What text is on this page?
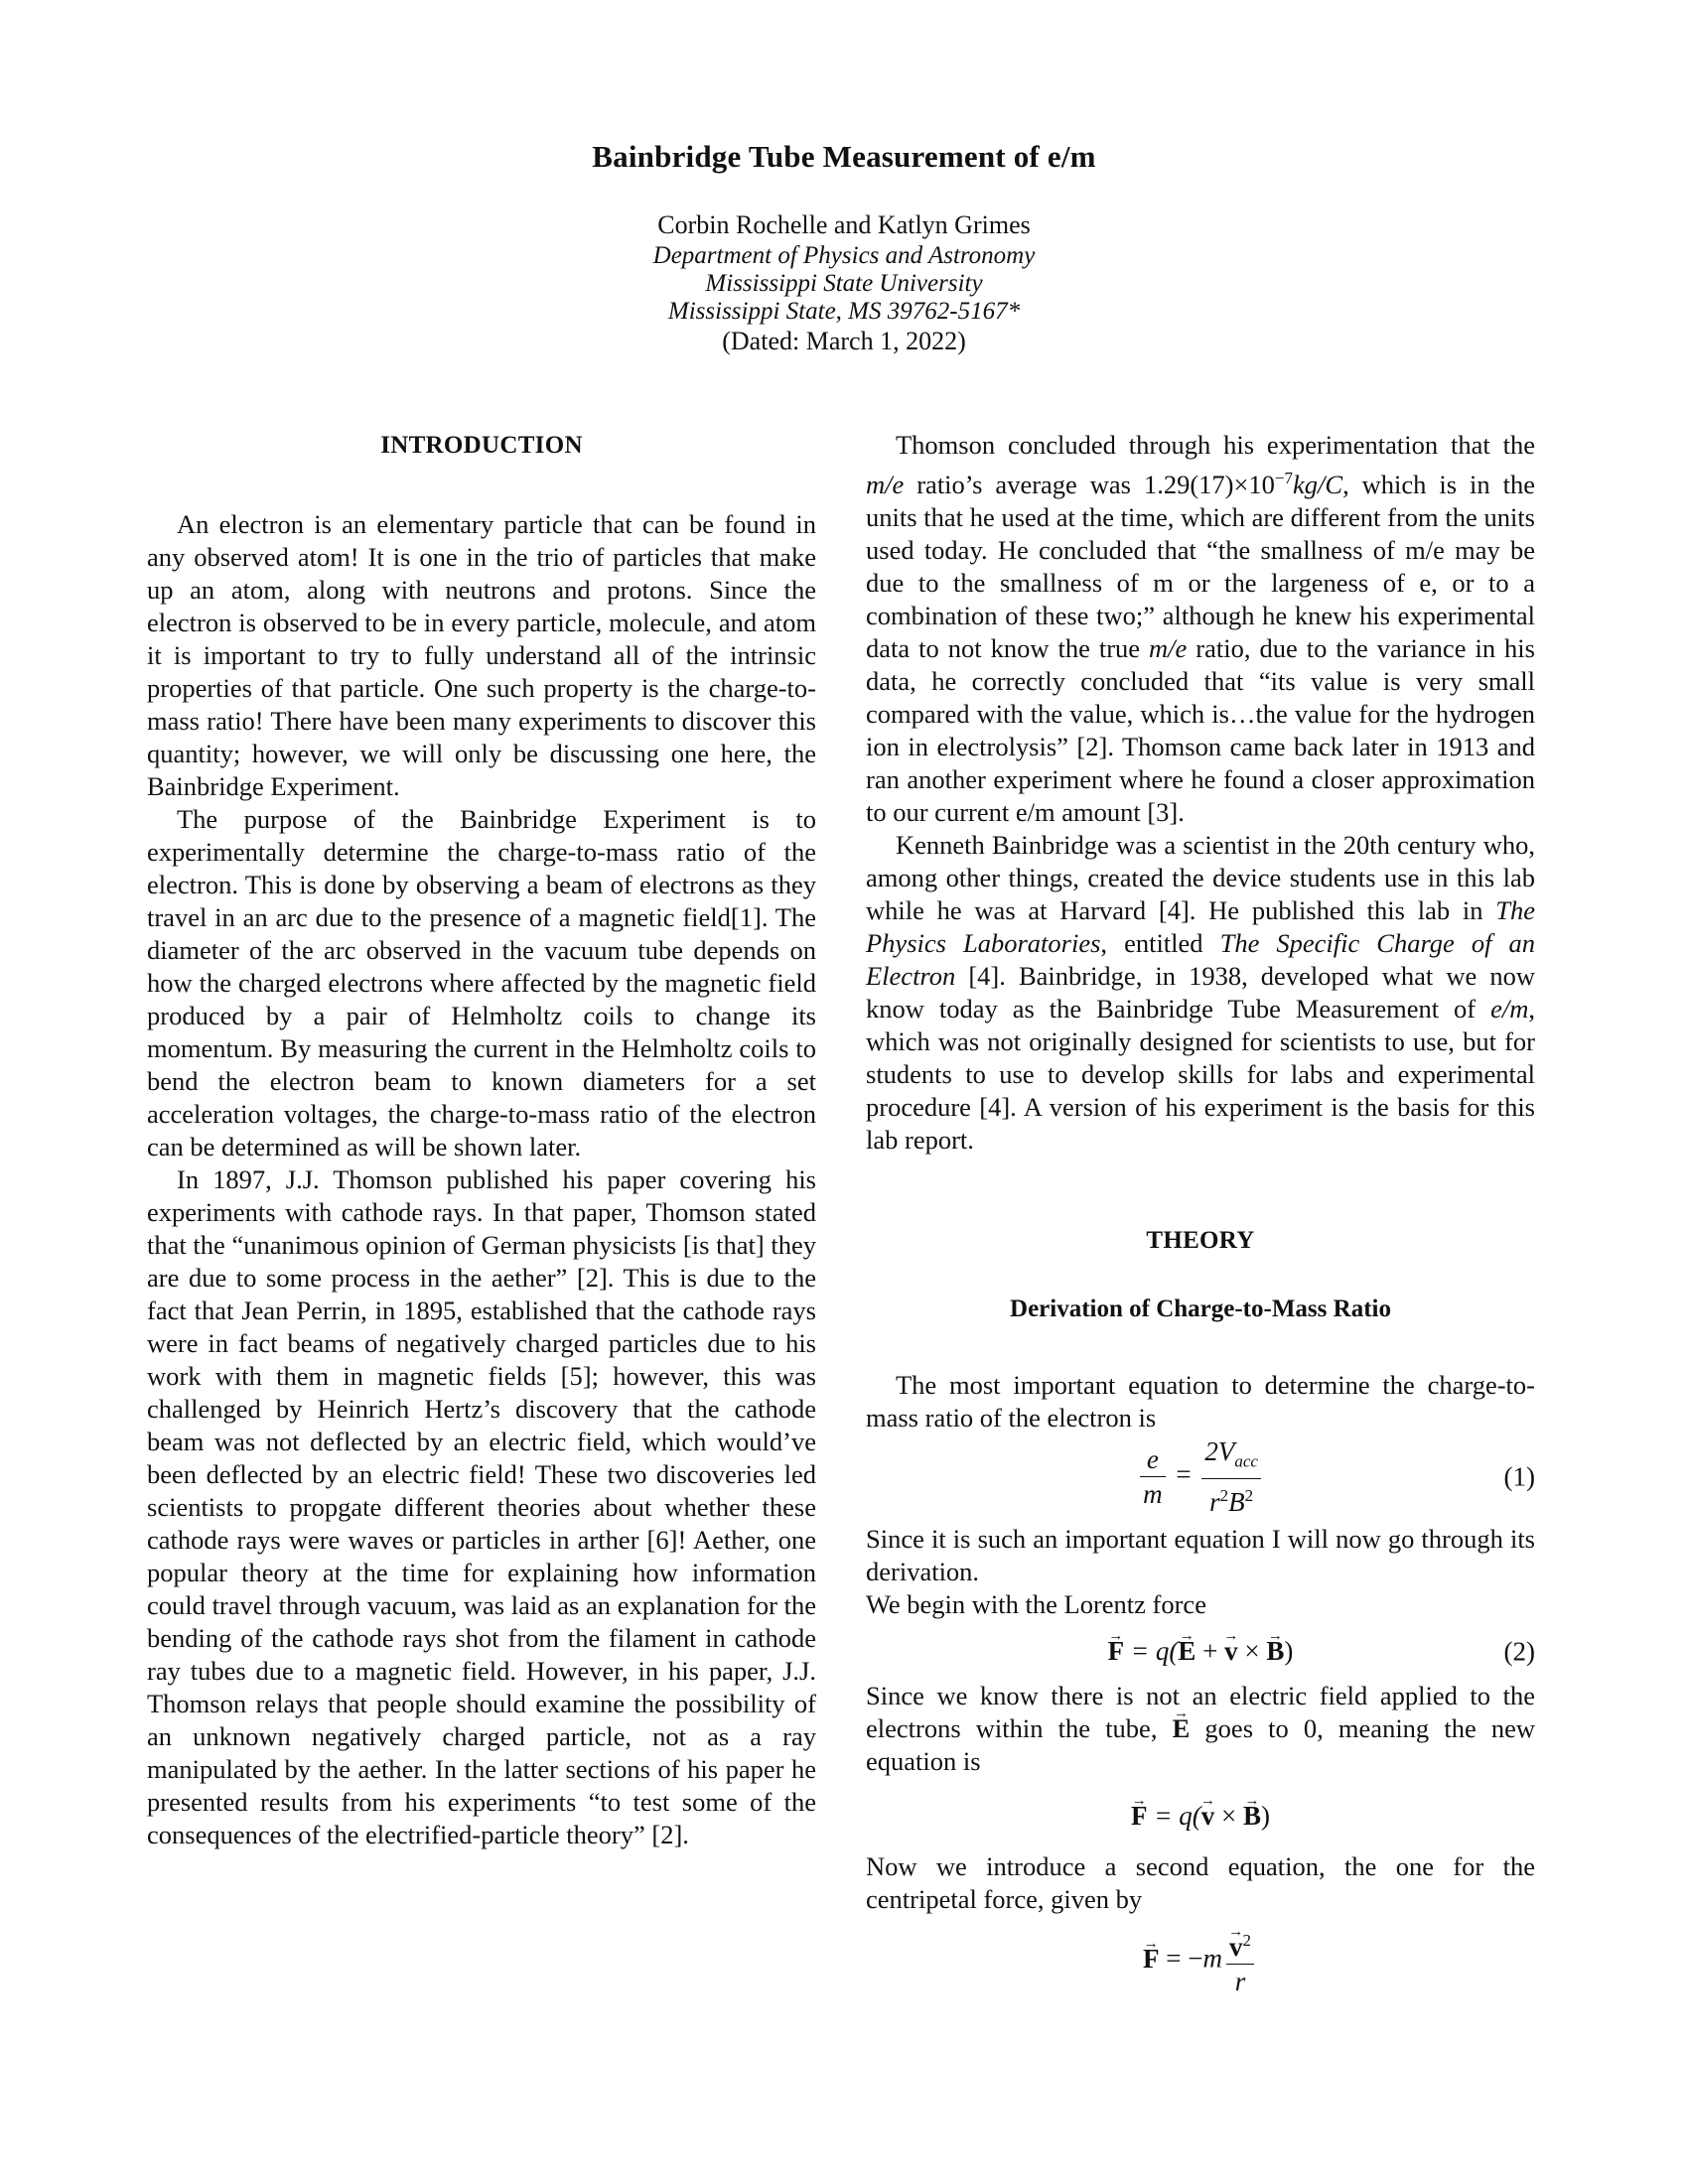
Bainbridge Tube Measurement of e/m
Corbin Rochelle and Katlyn Grimes
Department of Physics and Astronomy
Mississippi State University
Mississippi State, MS 39762-5167*
(Dated: March 1, 2022)
INTRODUCTION

An electron is an elementary particle that can be found in any observed atom! It is one in the trio of particles that make up an atom, along with neutrons and protons. Since the electron is observed to be in every particle, molecule, and atom it is important to try to fully understand all of the intrinsic properties of that particle. One such property is the charge-to-mass ratio! There have been many experiments to discover this quantity; however, we will only be discussing one here, the Bainbridge Experiment.

The purpose of the Bainbridge Experiment is to experimentally determine the charge-to-mass ratio of the electron. This is done by observing a beam of electrons as they travel in an arc due to the presence of a magnetic field[1]. The diameter of the arc observed in the vacuum tube depends on how the charged electrons where affected by the magnetic field produced by a pair of Helmholtz coils to change its momentum. By measuring the current in the Helmholtz coils to bend the electron beam to known diameters for a set acceleration voltages, the charge-to-mass ratio of the electron can be determined as will be shown later.

In 1897, J.J. Thomson published his paper covering his experiments with cathode rays. In that paper, Thomson stated that the “unanimous opinion of German physicists [is that] they are due to some process in the aether” [2]. This is due to the fact that Jean Perrin, in 1895, established that the cathode rays were in fact beams of negatively charged particles due to his work with them in magnetic fields [5]; however, this was challenged by Heinrich Hertz’s discovery that the cathode beam was not deflected by an electric field, which would’ve been deflected by an electric field! These two discoveries led scientists to propgate different theories about whether these cathode rays were waves or particles in arther [6]! Aether, one popular theory at the time for explaining how information could travel through vacuum, was laid as an explanation for the bending of the cathode rays shot from the filament in cathode ray tubes due to a magnetic field. However, in his paper, J.J. Thomson relays that people should examine the possibility of an unknown negatively charged particle, not as a ray manipulated by the aether. In the latter sections of his paper he presented results from his experiments “to test some of the consequences of the electrified-particle theory” [2].

Thomson concluded through his experimentation that the m/e ratio’s average was $1.29(17)\times 10^{-7}kg/C$, which is in the units that he used at the time, which are different from the units used today. He concluded that “the smallness of m/e may be due to the smallness of m or the largeness of e, or to a combination of these two;” although he knew his experimental data to not know the true m/e ratio, due to the variance in his data, he correctly concluded that “its value is very small compared with the value, which is…the value for the hydrogen ion in electrolysis” [2]. Thomson came back later in 1913 and ran another experiment where he found a closer approximation to our current e/m amount [3].

Kenneth Bainbridge was a scientist in the 20th century who, among other things, created the device students use in this lab while he was at Harvard [4]. He published this lab in The Physics Laboratories, entitled The Specific Charge of an Electron [4]. Bainbridge, in 1938, developed what we now know today as the Bainbridge Tube Measurement of e/m, which was not originally designed for scientists to use, but for students to use to develop skills for labs and experimental procedure [4]. A version of his experiment is the basis for this lab report.

THEORY
Derivation of Charge-to-Mass Ratio

The most important equation to determine the charge-to-mass ratio of the electron is

$\frac{e}{m} = \frac{2V_{acc}}{r^2B^2}$	(1)

Since it is such an important equation I will now go through its derivation.

We begin with the Lorentz force

→ F = q(→ E + → v × → B)	(2)

Since we know there is not an electric field applied to the electrons within the tube, → E goes to 0, meaning the new equation is

→ F = q(→ v × → B)

Now we introduce a second equation, the one for the centripetal force, given by

→ $F = -m \to \frac{v^2}{r}$
